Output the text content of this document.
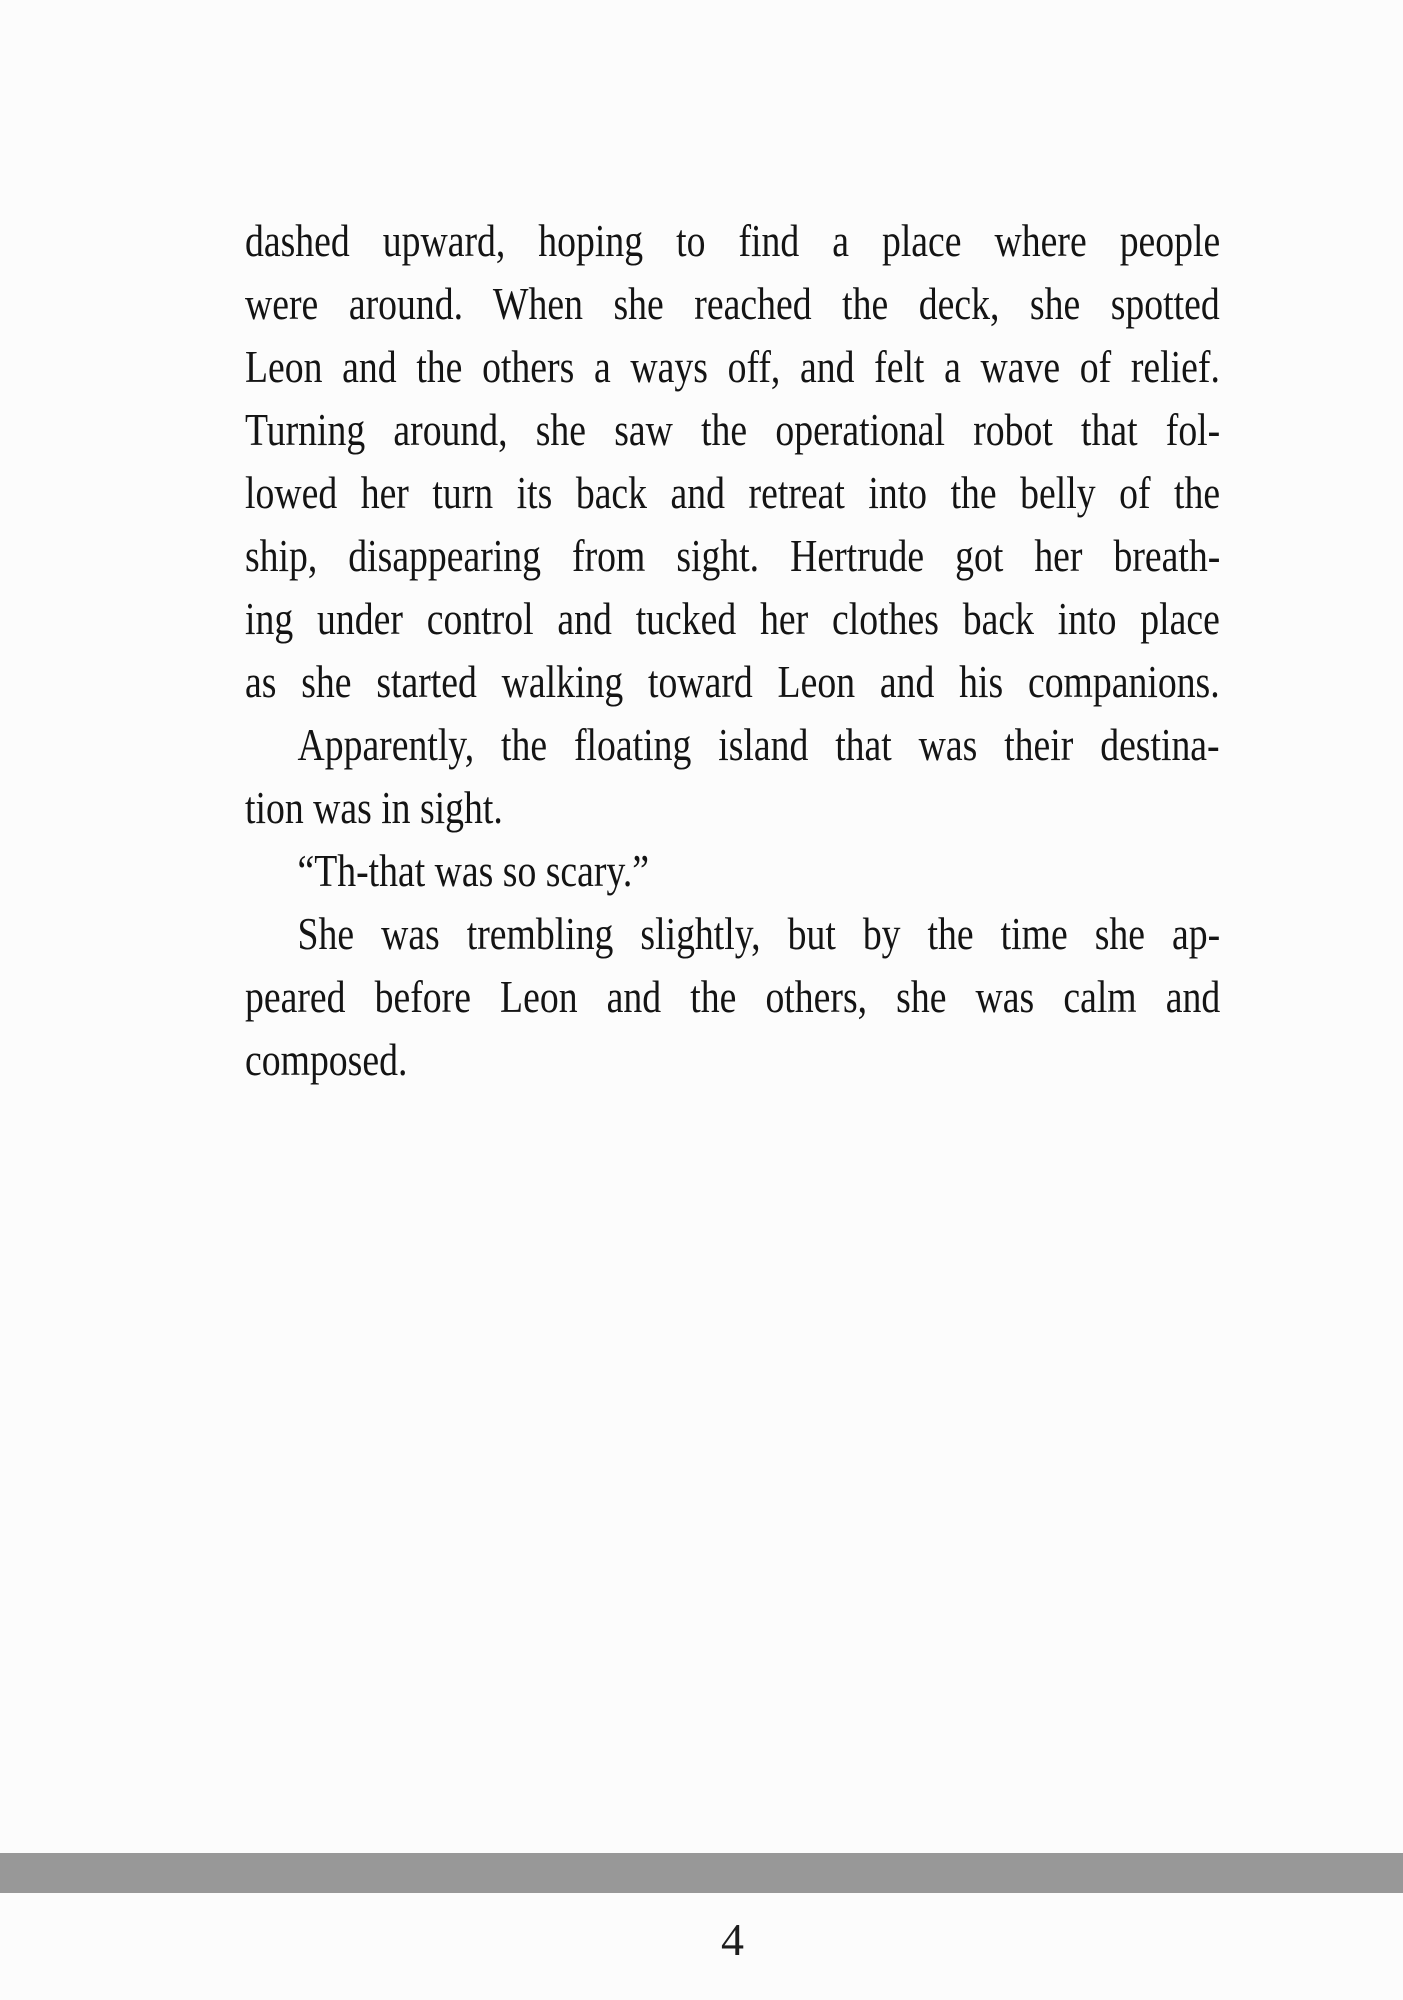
dashed upward, hoping to find a place where people
were around. When she reached the deck, she spotted
Leon and the others a ways off, and felt a wave of relief.
Turning around, she saw the operational robot that fol-
lowed her turn its back and retreat into the belly of the
ship, disappearing from sight. Hertrude got her breath-
ing under control and tucked her clothes back into place
as she started walking toward Leon and his companions.
Apparently, the floating island that was their destina-
tion was in sight.
“Th-that was so scary.”
She was trembling slightly, but by the time she ap-
peared before Leon and the others, she was calm and
composed.
4
